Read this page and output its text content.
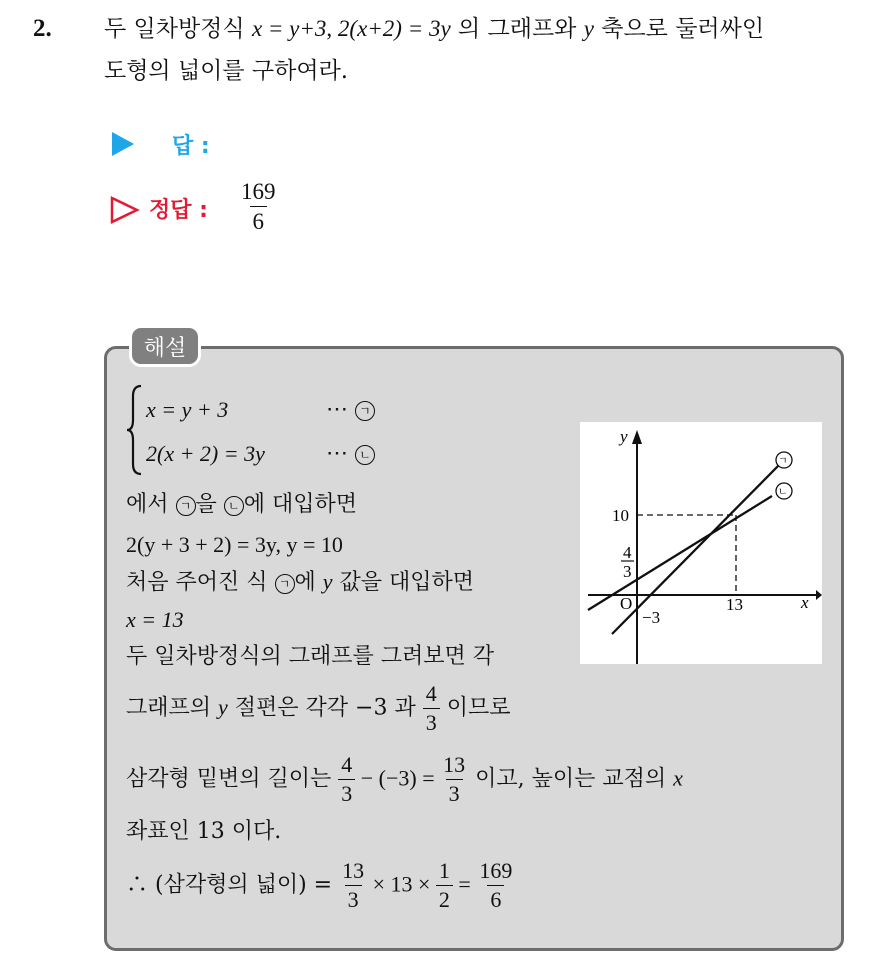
2. 두 일차방정식 x = y+3, 2(x+2) = 3y 의 그래프와 y 축으로 둘러싸인
도형의 넓이를 구하여라.
답 :
정답 : $\frac{169}{6}$
해설
x = y + 3
2(x + 2) = 3y
⋯ ㄱ
⋯ ㄴ
에서 ㄱ 을 ㄴ 에 대입하면
2(y + 3 + 2) = 3y, y = 10
처음 주어진 식 ㄱ 에 y 값을 대입하면
x = 13
두 일차방정식의 그래프를 그려보면 각
그래프의 y 절편은 각각 −3 과 $\frac{4}{3}$ 이므로
삼각형 밑변의 길이는 $\frac{4}{3} - (-3) = \frac{13}{3}$ 이고, 높이는 교점의 x
좌표인 13 이다.
∴ (삼각형의 넓이) = $\frac{13}{3} \times 13 \times \frac{1}{2} = \frac{169}{6}$
y
x
O
10
13
−3
4
3
ㄱ
ㄴ
